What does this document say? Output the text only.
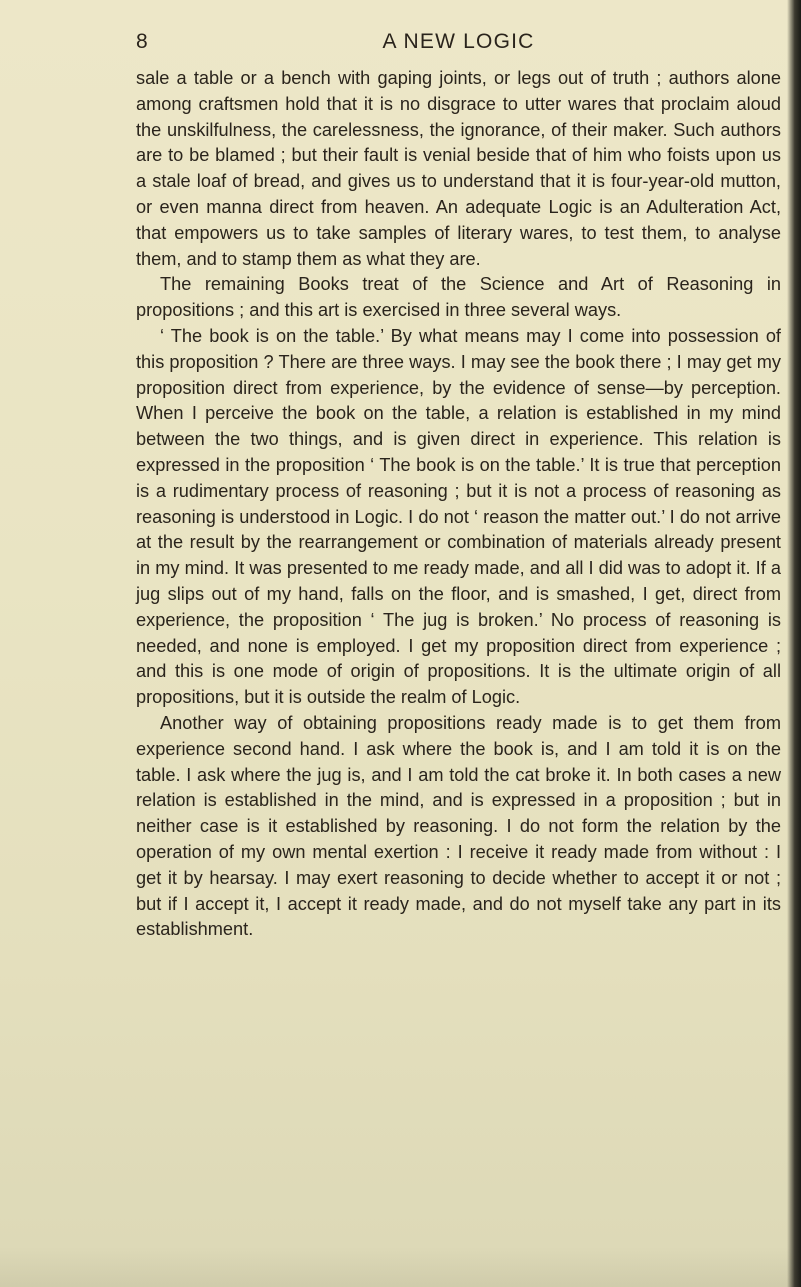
8	A NEW LOGIC

sale a table or a bench with gaping joints, or legs out of truth ; authors alone among craftsmen hold that it is no disgrace to utter wares that proclaim aloud the unskilfulness, the carelessness, the ignorance, of their maker. Such authors are to be blamed ; but their fault is venial beside that of him who foists upon us a stale loaf of bread, and gives us to understand that it is four-year-old mutton, or even manna direct from heaven. An adequate Logic is an Adulteration Act, that empowers us to take samples of literary wares, to test them, to analyse them, and to stamp them as what they are.

The remaining Books treat of the Science and Art of Reasoning in propositions ; and this art is exercised in three several ways.

‘ The book is on the table.’ By what means may I come into possession of this proposition ? There are three ways. I may see the book there ; I may get my proposition direct from experience, by the evidence of sense—by perception. When I perceive the book on the table, a relation is established in my mind between the two things, and is given direct in experience. This relation is expressed in the proposition ‘ The book is on the table.’ It is true that perception is a rudimentary process of reasoning ; but it is not a process of reasoning as reasoning is understood in Logic. I do not ‘ reason the matter out.’ I do not arrive at the result by the rearrangement or combination of materials already present in my mind. It was presented to me ready made, and all I did was to adopt it. If a jug slips out of my hand, falls on the floor, and is smashed, I get, direct from experience, the proposition ‘ The jug is broken.’ No process of reasoning is needed, and none is employed. I get my proposition direct from experience ; and this is one mode of origin of propositions. It is the ultimate origin of all propositions, but it is outside the realm of Logic.

Another way of obtaining propositions ready made is to get them from experience second hand. I ask where the book is, and I am told it is on the table. I ask where the jug is, and I am told the cat broke it. In both cases a new relation is established in the mind, and is expressed in a proposition ; but in neither case is it established by reasoning. I do not form the relation by the operation of my own mental exertion : I receive it ready made from without : I get it by hearsay. I may exert reasoning to decide whether to accept it or not ; but if I accept it, I accept it ready made, and do not myself take any part in its establishment.
